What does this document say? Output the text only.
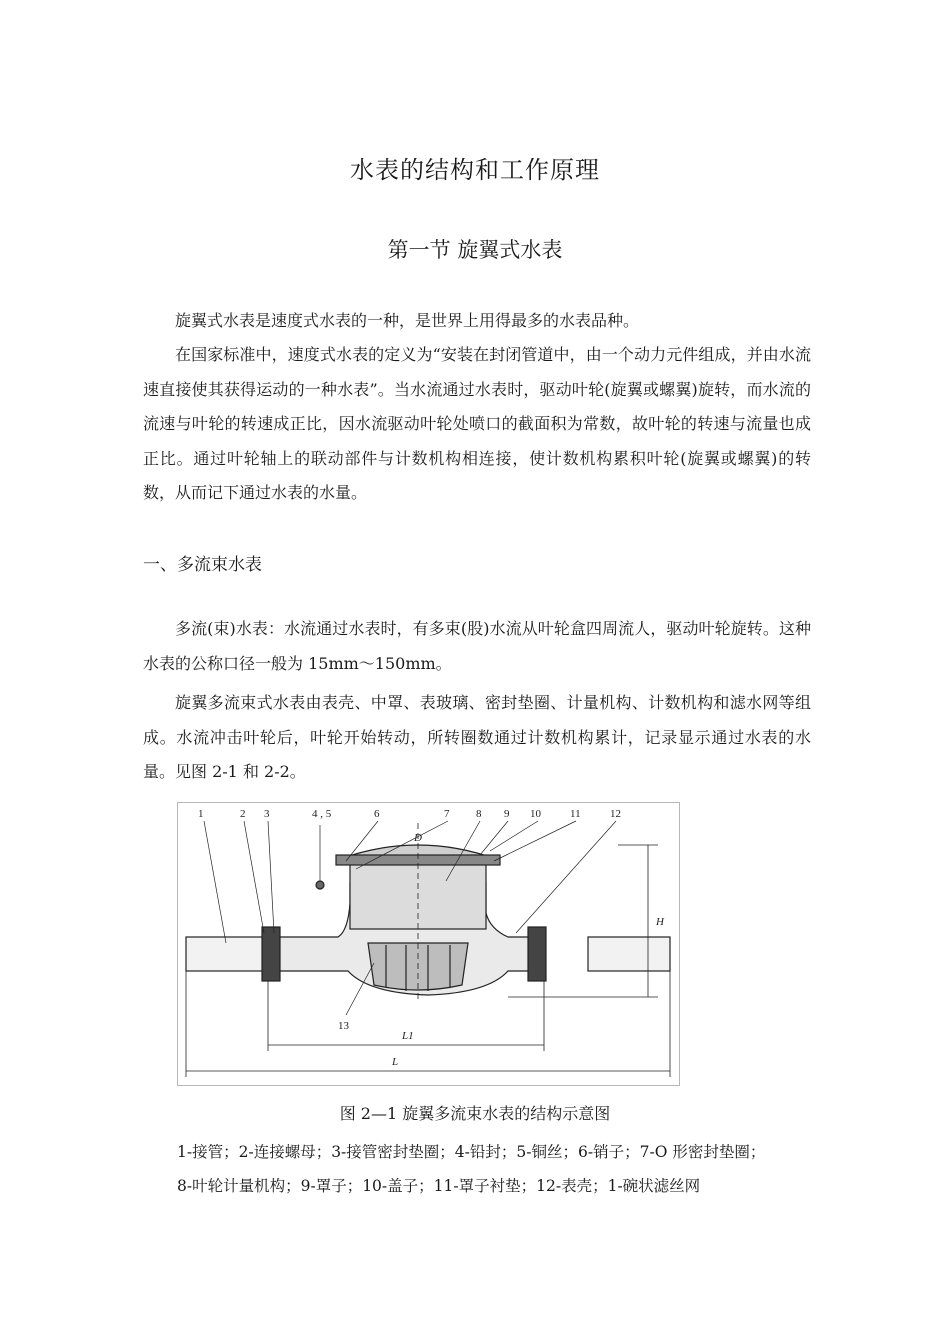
水表的结构和工作原理
第一节 旋翼式水表
旋翼式水表是速度式水表的一种，是世界上用得最多的水表品种。
在国家标准中，速度式水表的定义为“安装在封闭管道中，由一个动力元件组成，并由水流速直接使其获得运动的一种水表”。当水流通过水表时，驱动叶轮(旋翼或螺翼)旋转，而水流的流速与叶轮的转速成正比，因水流驱动叶轮处喷口的截面积为常数，故叶轮的转速与流量也成正比。通过叶轮轴上的联动部件与计数机构相连接，使计数机构累积叶轮(旋翼或螺翼)的转数，从而记下通过水表的水量。
一、多流束水表
多流(束)水表：水流通过水表时，有多束(股)水流从叶轮盒四周流人，驱动叶轮旋转。这种水表的公称口径一般为 15mm～150mm。
旋翼多流束式水表由表壳、中罩、表玻璃、密封垫圈、计量机构、计数机构和滤水网等组成。水流冲击叶轮后，叶轮开始转动，所转圈数通过计数机构累计，记录显示通过水表的水量。见图 2-1 和 2-2。
1	2 3	4 , 5	6	7 8 9 10	11	12
13
D
H
L1
L
图 2—1 旋翼多流束水表的结构示意图
1-接管；2-连接螺母；3-接管密封垫圈；4-铅封；5-铜丝；6-销子；7-O 形密封垫圈；
8-叶轮计量机构；9-罩子；10-盖子；11-罩子衬垫；12-表壳；1-碗状滤丝网
